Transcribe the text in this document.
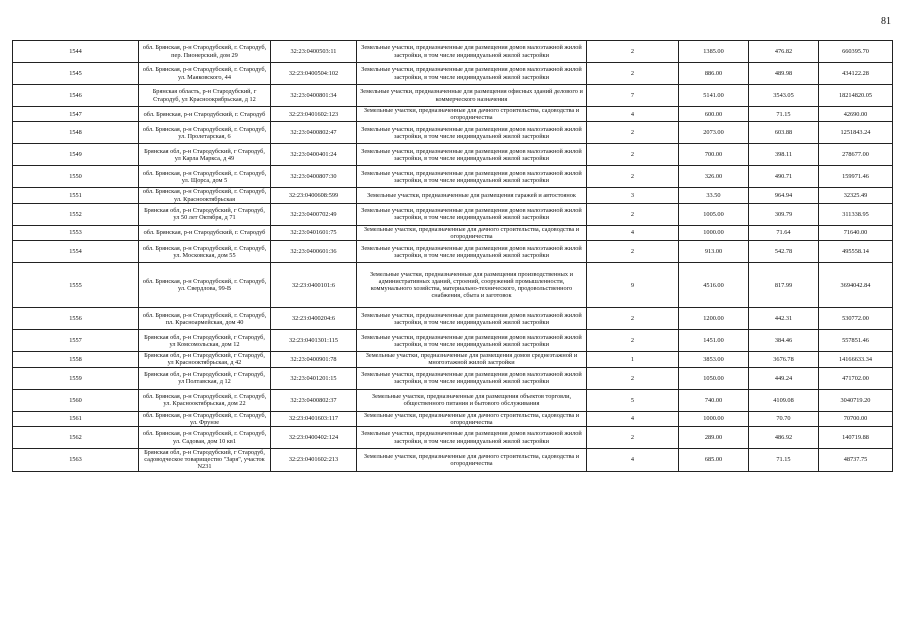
81
1544	обл. Брянская, р-н Стародубский, г. Стародуб, пер. Пионерский, дом 29	32:23:0400503:11	Земельные участки, предназначенные для размещения домов малоэтажной жилой застройки, в том числе индивидуальной жилой застройки	2	1385.00	476.82	660395.70
1545	обл. Брянская, р-н Стародубский, г. Стародуб, ул. Маяковского, 44	32:23:0400504:102	Земельные участки, предназначенные для размещения домов малоэтажной жилой застройки, в том числе индивидуальной жилой застройки	2	886.00	489.98	434122.28
1546	Брянская область, р-н Стародубский, г Стародуб, ул Красноокрябрьская, д 12	32:23:0400801:34	Земельные участки, предназначенные для размещения офисных зданий делового и коммерческого назначения	7	5141.00	3543.05	18214820.05
1547	обл. Брянская, р-н Стародубский, г. Стародуб	32:23:0401602:123	Земельные участки, предназначенные для дачного строительства, садоводства и огородничества	4	600.00	71.15	42690.00
1548	обл. Брянская, р-н Стародубский, г. Стародуб, ул. Пролетарская, 6	32:23:0400802:47	Земельные участки, предназначенные для размещения домов малоэтажной жилой застройки, в том числе индивидуальной жилой застройки	2	2073.00	603.88	1251843.24
1549	Брянская обл, р-н Стародубский, г Стародуб, ул Карла Маркса, д 49	32:23:0400401:24	Земельные участки, предназначенные для размещения домов малоэтажной жилой застройки, в том числе индивидуальной жилой застройки	2	700.00	398.11	278677.00
1550	обл. Брянская, р-н Стародубский, г. Стародуб, ул. Щорса, дом 5	32:23:0400807:30	Земельные участки, предназначенные для размещения домов малоэтажной жилой застройки, в том числе индивидуальной жилой застройки	2	326.00	490.71	159971.46
1551	обл. Брянская, р-н Стародубский, г. Стародуб, ул. Краснооктябрьская	32:23:0400608:599	Земельные участки, предназначенные для размещения гаражей и автостоянок	3	33.50	964.94	32325.49
1552	Брянская обл, р-н Стародубский, г Стародуб, ул 50 лет Октября, д 71	32:23:0400702:49	Земельные участки, предназначенные для размещения домов малоэтажной жилой застройки, в том числе индивидуальной жилой застройки	2	1005.00	309.79	311338.95
1553	обл. Брянская, р-н Стародубский, г. Стародуб	32:23:0401601:75	Земельные участки, предназначенные для дачного строительства, садоводства и огородничества	4	1000.00	71.64	71640.00
1554	обл. Брянская, р-н Стародубский, г. Стародуб, ул. Московская, дом 55	32:23:0400601:36	Земельные участки, предназначенные для размещения домов малоэтажной жилой застройки, в том числе индивидуальной жилой застройки	2	913.00	542.78	495558.14
1555	обл. Брянская, р-н Стародубский, г. Стародуб, ул. Свердлова, 99-В	32:23:0400101:6	Земельные участки, предназначенные для размещения производственных и административных зданий, строений, сооружений промышленности, коммунального хозяйства, материально-технического, продовольственного снабжения, сбыта и заготовок	9	4516.00	817.99	3694042.84
1556	обл. Брянская, р-н Стародубский, г. Стародуб, пл. Красноармейская, дом 40	32:23:0400204:6	Земельные участки, предназначенные для размещения домов малоэтажной жилой застройки, в том числе индивидуальной жилой застройки	2	1200.00	442.31	530772.00
1557	Брянская обл, р-н Стародубский, г Стародуб, ул Комсомольская, дом 12	32:23:0401301:115	Земельные участки, предназначенные для размещения домов малоэтажной жилой застройки, в том числе индивидуальной жилой застройки	2	1451.00	384.46	557851.46
1558	Брянская обл, р-н Стародубский, г Стародуб, ул Краснооктябрьская, д 42	32:23:0400901:78	Земельные участки, предназначенные для размещения домов среднеэтажной и многоэтажной жилой застройки	1	3853.00	3676.78	14166633.34
1559	Брянская обл, р-н Стародубский, г Стародуб, ул Полтавская, д 12	32:23:0401201:15	Земельные участки, предназначенные для размещения домов малоэтажной жилой застройки, в том числе индивидуальной жилой застройки	2	1050.00	449.24	471702.00
1560	обл. Брянская, р-н Стародубский, г. Стародуб, ул. Краснооктябрьская, дом 22	32:23:0400802:37	Земельные участки, предназначенные для размещения объектов торговли, общественного питания и бытового обслуживания	5	740.00	4109.08	3040719.20
1561	обл. Брянская, р-н Стародубский, г. Стародуб, ул. Фрунзе	32:23:0401603:117	Земельные участки, предназначенные для дачного строительства, садоводства и огородничества	4	1000.00	70.70	70700.00
1562	обл. Брянская, р-н Стародубский, г. Стародуб, ул. Садовая, дом 10 кв1	32:23:0400402:124	Земельные участки, предназначенные для размещения домов малоэтажной жилой застройки, в том числе индивидуальной жилой застройки	2	289.00	486.92	140719.88
1563	Брянская обл, р-н Стародубский, г Стародуб, садоводческое товарищество "Заря", участок N231	32:23:0401602:213	Земельные участки, предназначенные для дачного строительства, садоводства и огородничества	4	685.00	71.15	48737.75
